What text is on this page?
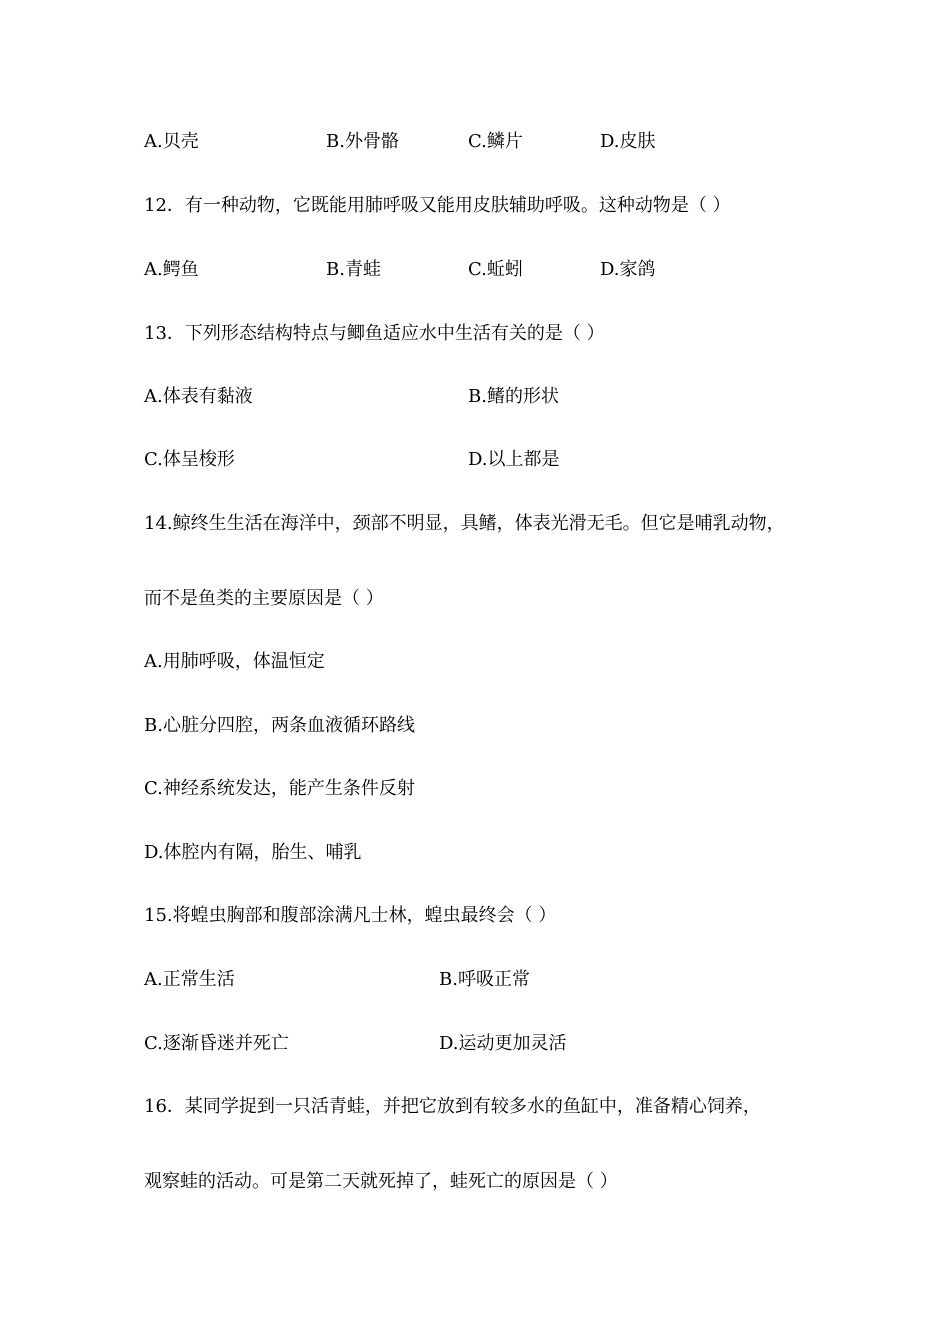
A.贝壳	B.外骨骼	C.鳞片	D.皮肤
12．有一种动物，它既能用肺呼吸又能用皮肤辅助呼吸。这种动物是（ ）
A.鳄鱼	B.青蛙	C.蚯蚓	D.家鸽
13．下列形态结构特点与鲫鱼适应水中生活有关的是（ ）
A.体表有黏液	B.鳍的形状
C.体呈梭形	D.以上都是
14.鲸终生生活在海洋中，颈部不明显，具鳍，体表光滑无毛。但它是哺乳动物，
而不是鱼类的主要原因是（ ）
A.用肺呼吸，体温恒定
B.心脏分四腔，两条血液循环路线
C.神经系统发达，能产生条件反射
D.体腔内有隔，胎生、哺乳
15.将蝗虫胸部和腹部涂满凡士林，蝗虫最终会（ ）
A.正常生活	B.呼吸正常
C.逐渐昏迷并死亡	D.运动更加灵活
16．某同学捉到一只活青蛙，并把它放到有较多水的鱼缸中，准备精心饲养，
观察蛙的活动。可是第二天就死掉了，蛙死亡的原因是（ ）
